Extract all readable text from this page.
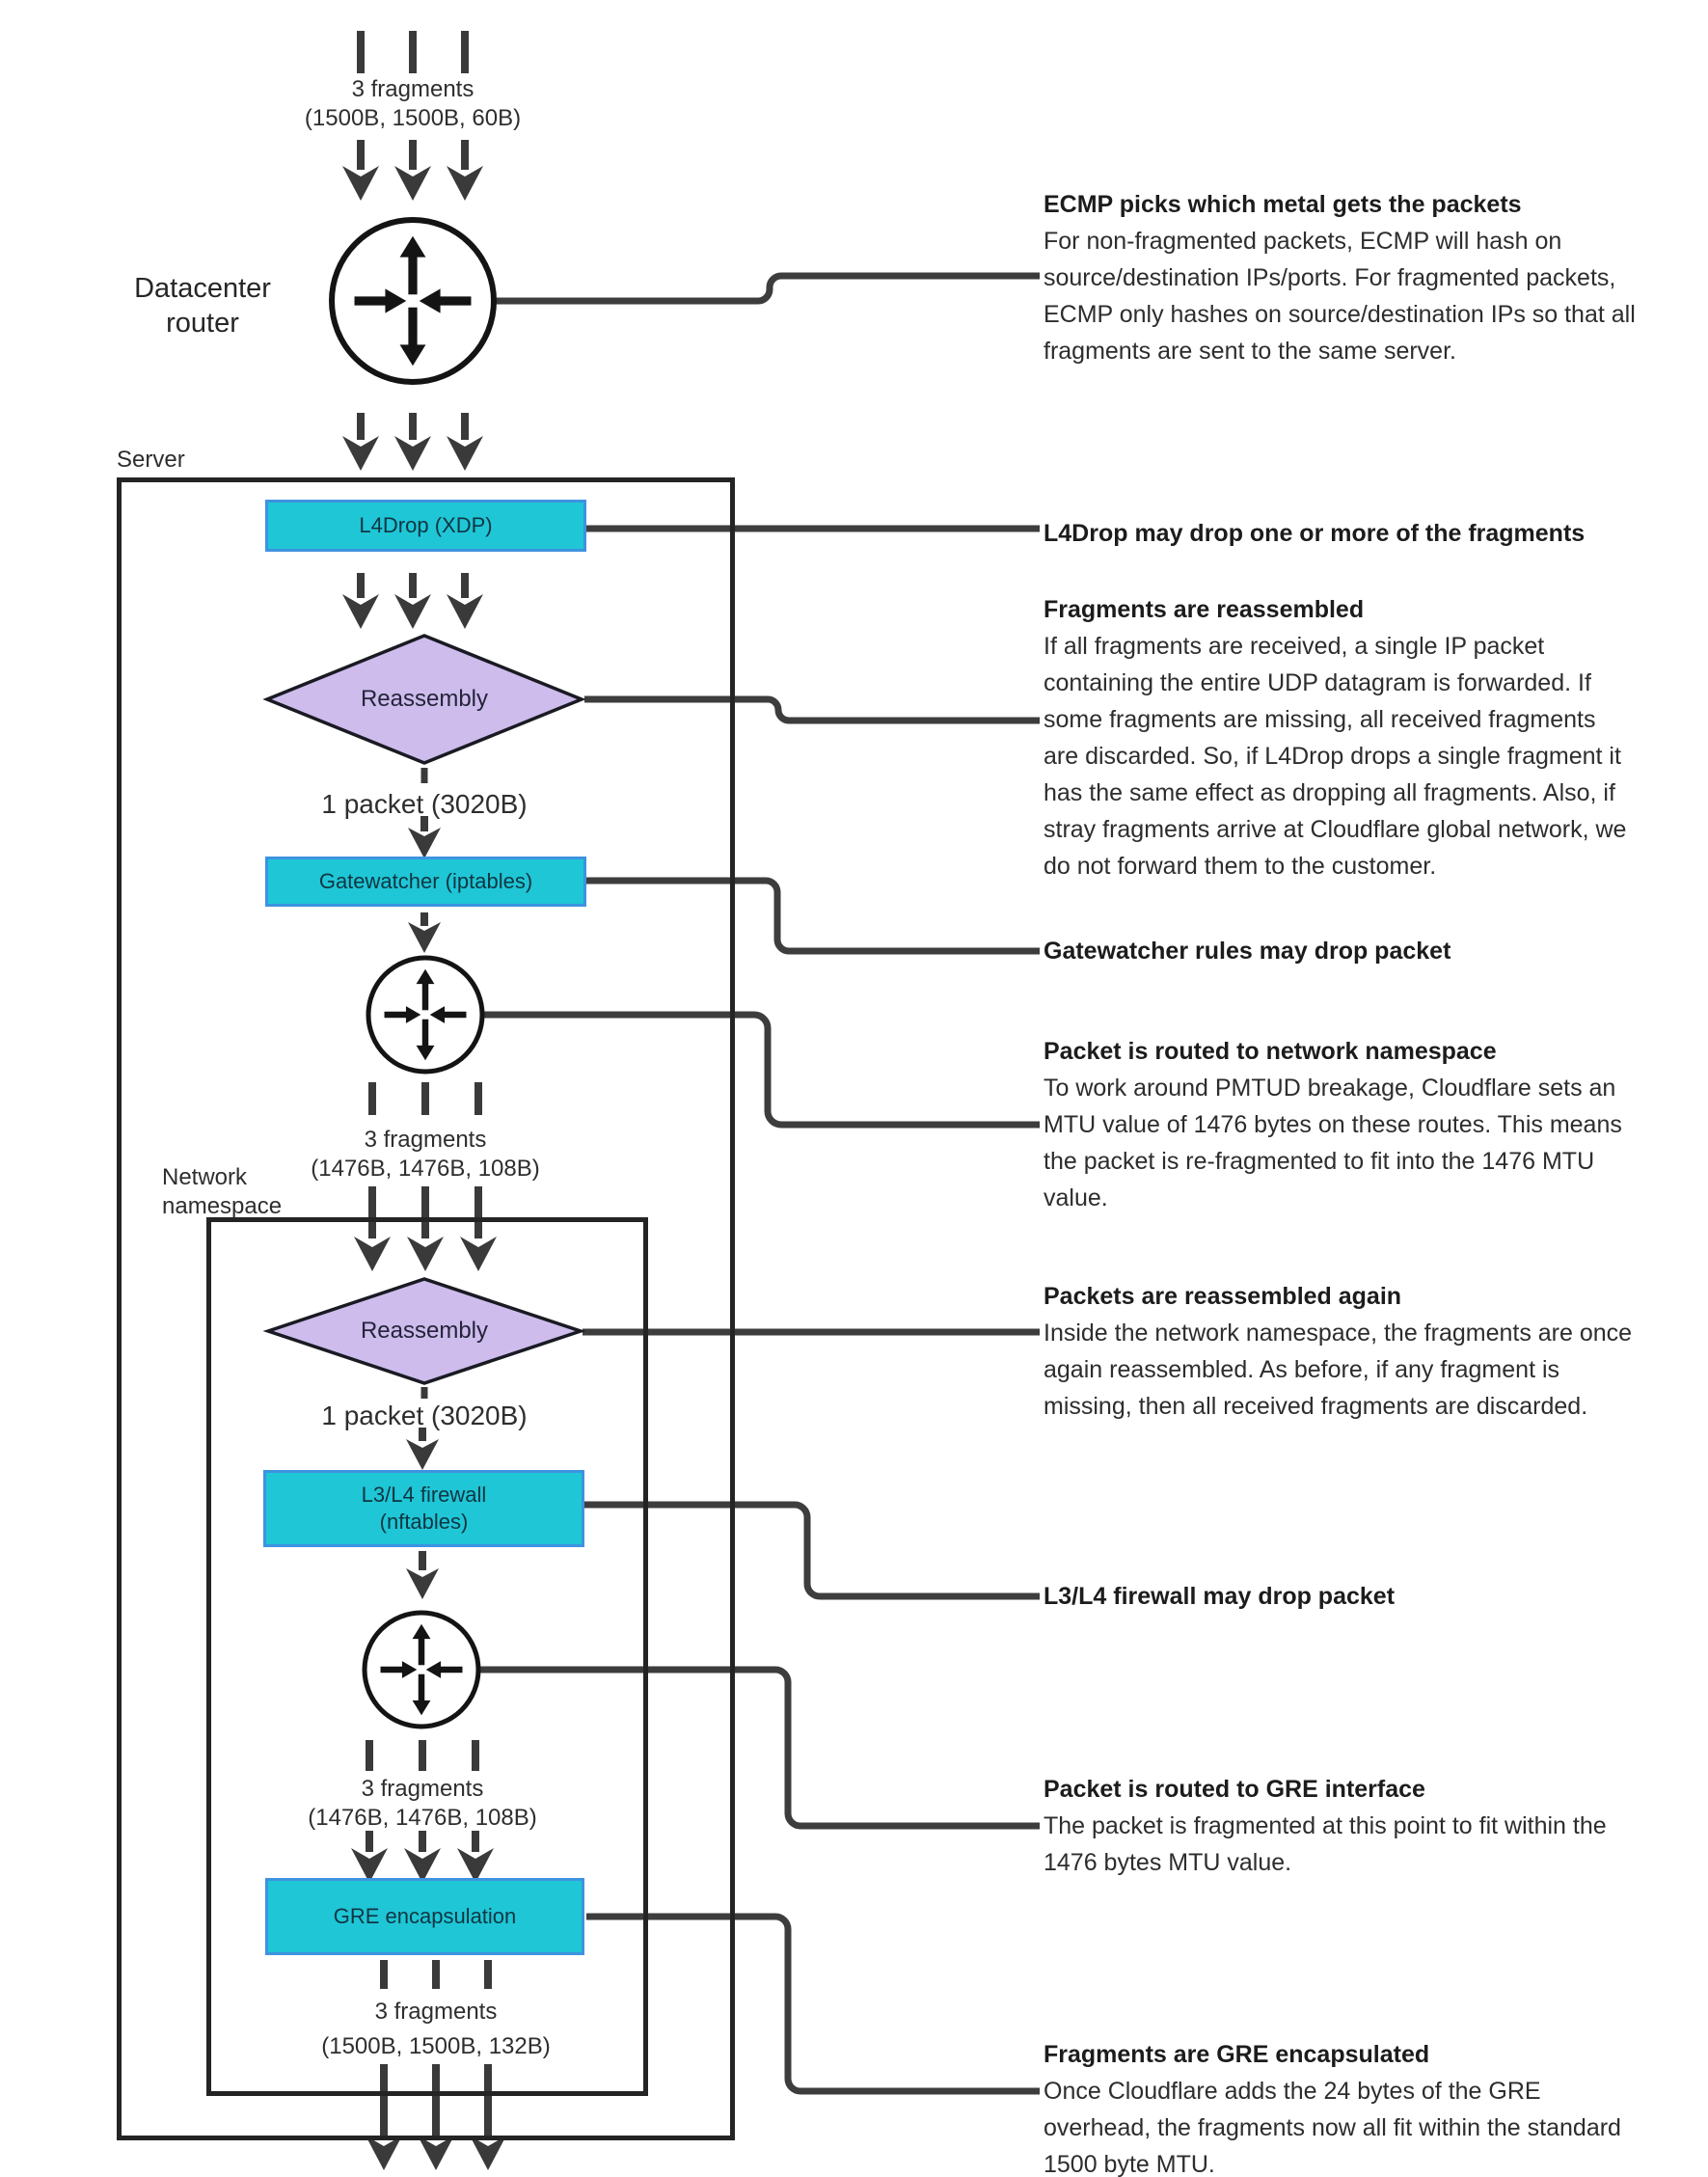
L4Drop (XDP)
Gatewatcher (iptables)
L3/L4 firewall
(nftables)
GRE encapsulation
Reassembly
Reassembly
3 fragments
(1500B, 1500B, 60B)
Datacenter
router
Server
1 packet (3020B)
3 fragments
(1476B, 1476B, 108B)
Network
namespace
1 packet (3020B)
3 fragments
(1476B, 1476B, 108B)
3 fragments
(1500B, 1500B, 132B)
ECMP picks which metal gets the packets
For non-fragmented packets, ECMP will hash on
source/destination IPs/ports. For fragmented packets,
ECMP only hashes on source/destination IPs so that all
fragments are sent to the same server.
L4Drop may drop one or more of the fragments
Fragments are reassembled
If all fragments are received, a single IP packet
containing the entire UDP datagram is forwarded. If
some fragments are missing, all received fragments
are discarded. So, if L4Drop drops a single fragment it
has the same effect as dropping all fragments. Also, if
stray fragments arrive at Cloudflare global network, we
do not forward them to the customer.
Gatewatcher rules may drop packet
Packet is routed to network namespace
To work around PMTUD breakage, Cloudflare sets an
MTU value of 1476 bytes on these routes. This means
the packet is re-fragmented to fit into the 1476 MTU
value.
Packets are reassembled again
Inside the network namespace, the fragments are once
again reassembled. As before, if any fragment is
missing, then all received fragments are discarded.
L3/L4 firewall may drop packet
Packet is routed to GRE interface
The packet is fragmented at this point to fit within the
1476 bytes MTU value.
Fragments are GRE encapsulated
Once Cloudflare adds the 24 bytes of the GRE
overhead, the fragments now all fit within the standard
1500 byte MTU.
